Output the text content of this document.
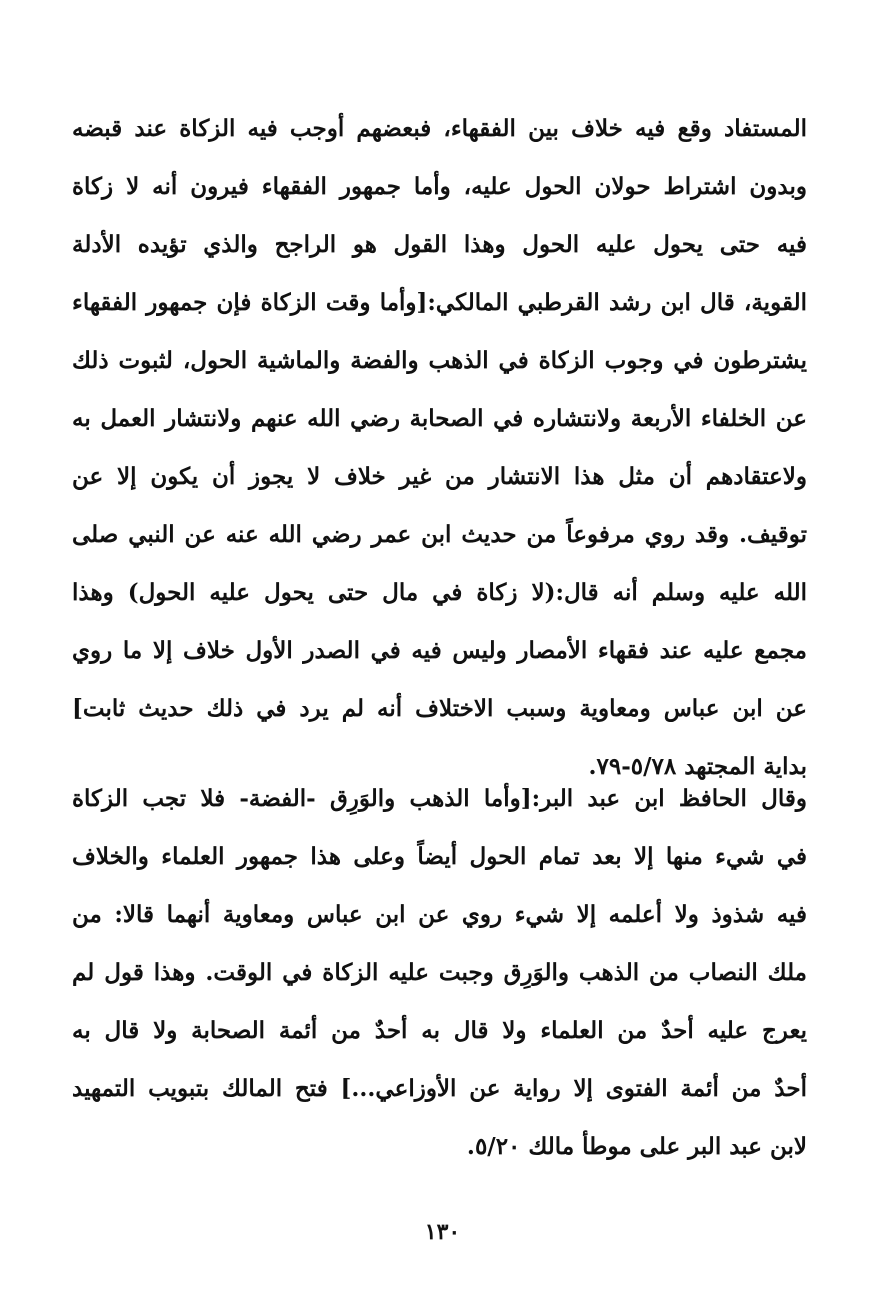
المستفاد وقع فيه خلاف بين الفقهاء، فبعضهم أوجب فيه الزكاة عند قبضه
وبدون اشتراط حولان الحول عليه، وأما جمهور الفقهاء فيرون أنه لا زكاة
فيه حتى يحول عليه الحول وهذا القول هو الراجح والذي تؤيده الأدلة
القوية، قال ابن رشد القرطبي المالكي:[وأما وقت الزكاة فإن جمهور الفقهاء
يشترطون في وجوب الزكاة في الذهب والفضة والماشية الحول، لثبوت ذلك
عن الخلفاء الأربعة ولانتشاره في الصحابة رضي الله عنهم ولانتشار العمل به
ولاعتقادهم أن مثل هذا الانتشار من غير خلاف لا يجوز أن يكون إلا عن
توقيف. وقد روي مرفوعاً من حديث ابن عمر رضي الله عنه عن النبي صلى
الله عليه وسلم أنه قال:(لا زكاة في مال حتى يحول عليه الحول) وهذا
مجمع عليه عند فقهاء الأمصار وليس فيه في الصدر الأول خلاف إلا ما روي
عن ابن عباس ومعاوية وسبب الاختلاف أنه لم يرد في ذلك حديث ثابت]
بداية المجتهد ٥/٧٨-٧٩.
وقال الحافظ ابن عبد البر:[وأما الذهب والوَرِق -الفضة- فلا تجب الزكاة
في شيء منها إلا بعد تمام الحول أيضاً وعلى هذا جمهور العلماء والخلاف
فيه شذوذ ولا أعلمه إلا شيء روي عن ابن عباس ومعاوية أنهما قالا: من
ملك النصاب من الذهب والوَرِق وجبت عليه الزكاة في الوقت. وهذا قول لم
يعرج عليه أحدٌ من العلماء ولا قال به أحدٌ من أئمة الصحابة ولا قال به
أحدٌ من أئمة الفتوى إلا رواية عن الأوزاعي...] فتح المالك بتبويب التمهيد
لابن عبد البر على موطأ مالك ٥/٢٠.
١٣٠
